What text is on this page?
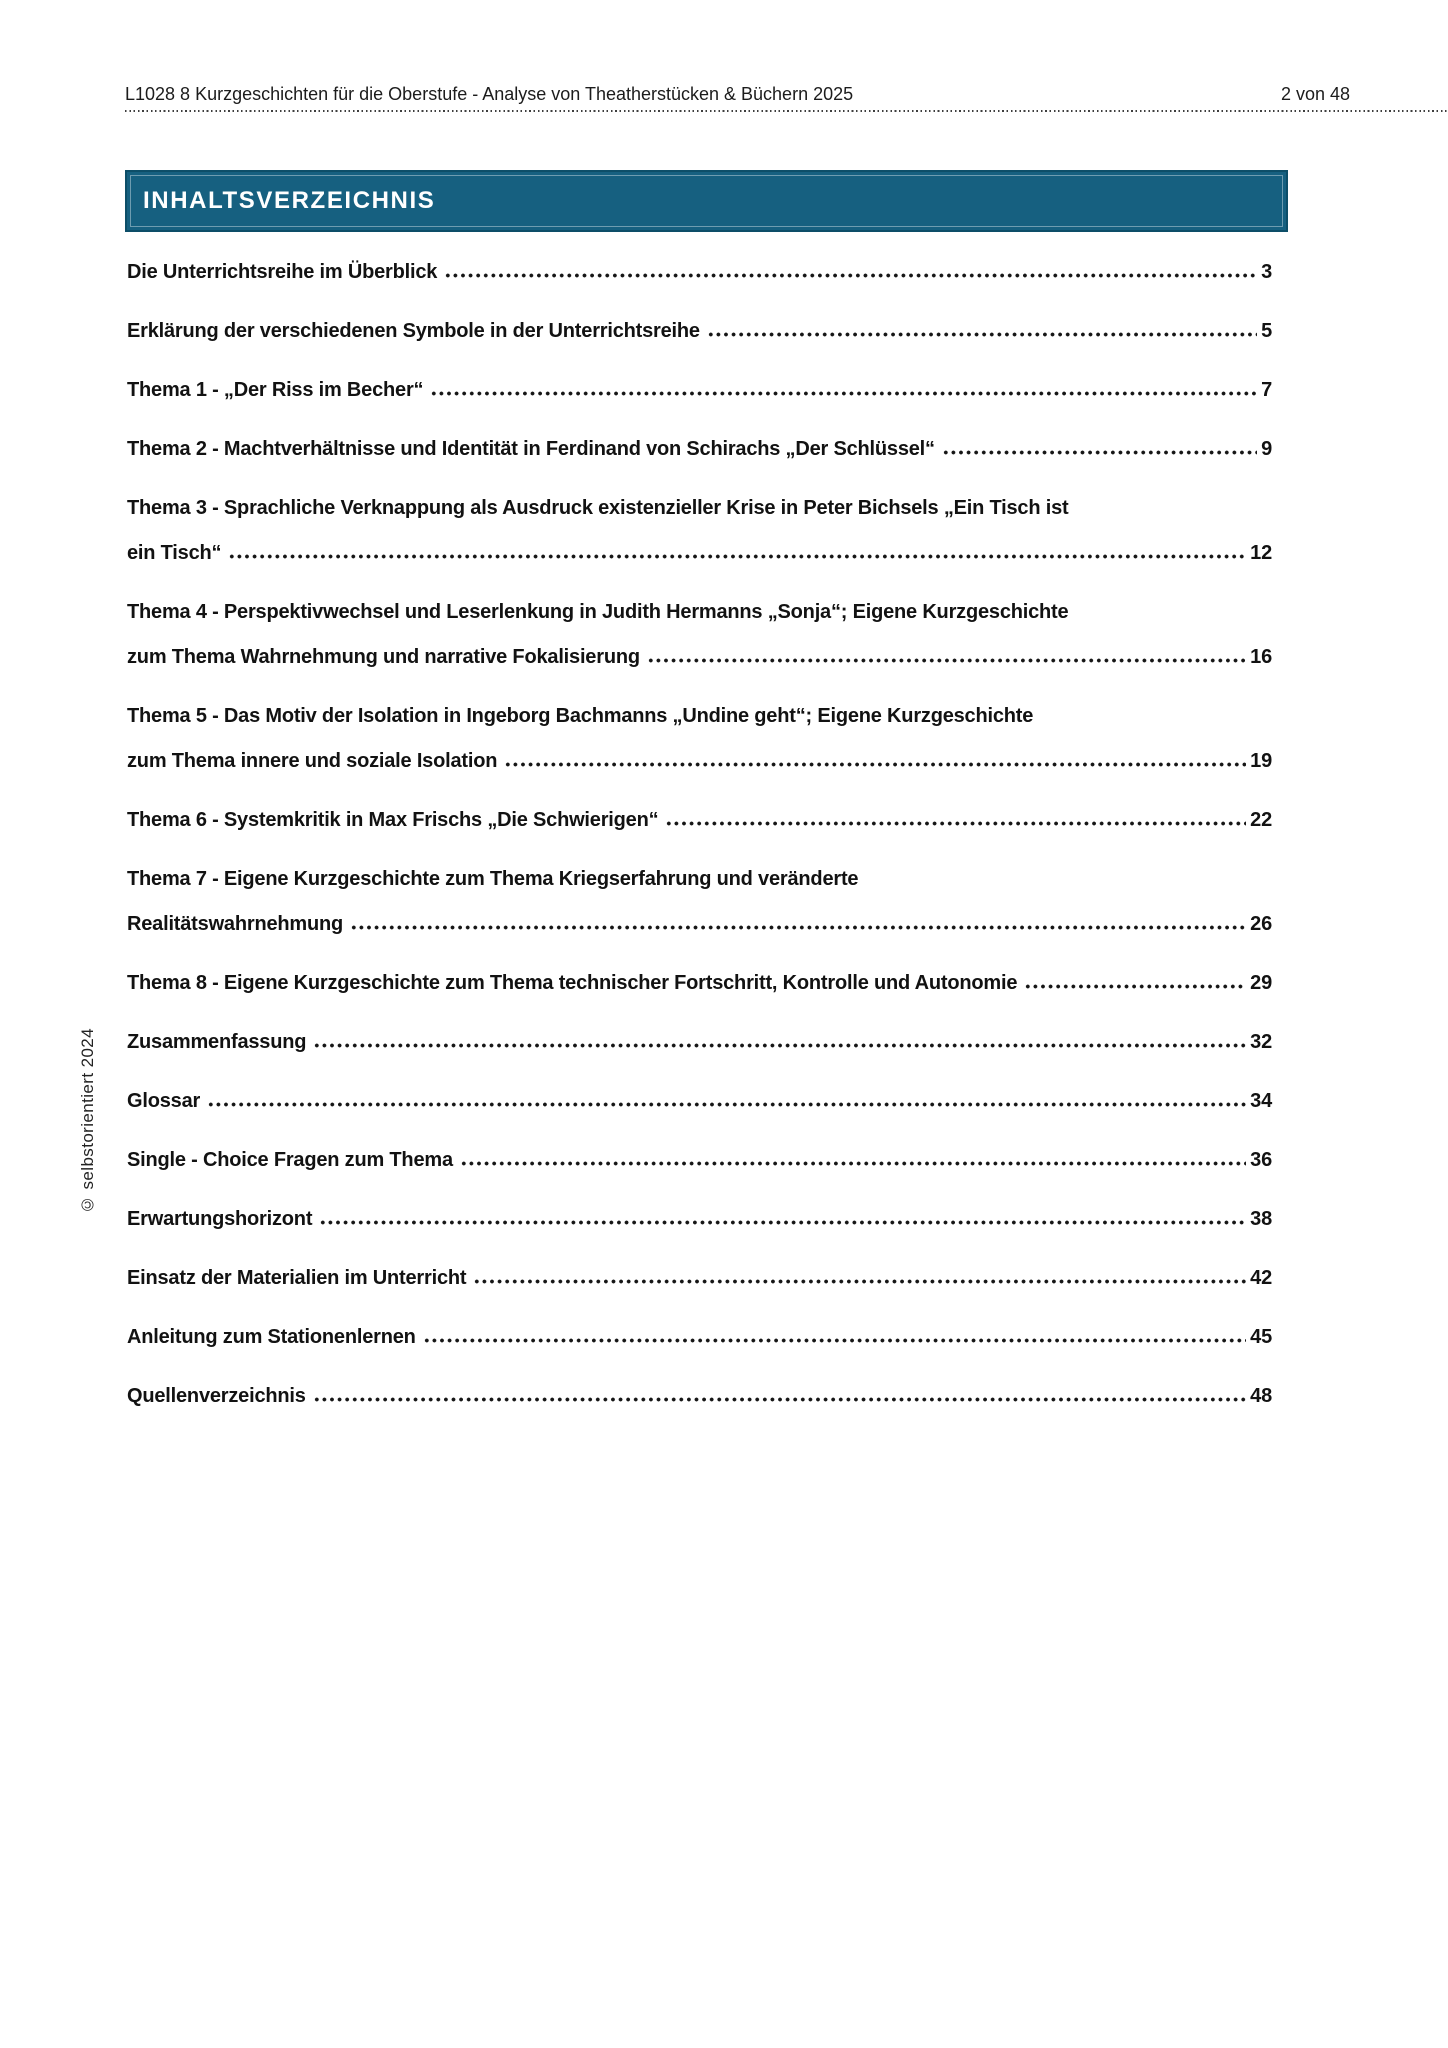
L1028 8 Kurzgeschichten für die Oberstufe - Analyse von Theatherstücken & Büchern 2025	2 von 48
INHALTSVERZEICHNIS
Die Unterrichtsreihe im Überblick	3
Erklärung der verschiedenen Symbole in der Unterrichtsreihe	5
Thema 1 - „Der Riss im Becher“	7
Thema 2 - Machtverhältnisse und Identität in Ferdinand von Schirachs „Der Schlüssel“	9
Thema 3 - Sprachliche Verknappung als Ausdruck existenzieller Krise in Peter Bichsels „Ein Tisch ist
ein Tisch“	12
Thema 4 - Perspektivwechsel und Leserlenkung in Judith Hermanns „Sonja“; Eigene Kurzgeschichte
zum Thema Wahrnehmung und narrative Fokalisierung	16
Thema 5 - Das Motiv der Isolation in Ingeborg Bachmanns „Undine geht“; Eigene Kurzgeschichte
zum Thema innere und soziale Isolation	19
Thema 6 - Systemkritik in Max Frischs „Die Schwierigen“	22
Thema 7 - Eigene Kurzgeschichte zum Thema Kriegserfahrung und veränderte
Realitätswahrnehmung	26
Thema 8 - Eigene Kurzgeschichte zum Thema technischer Fortschritt, Kontrolle und Autonomie	29
Zusammenfassung	32
Glossar	34
Single - Choice Fragen zum Thema	36
Erwartungshorizont	38
Einsatz der Materialien im Unterricht	42
Anleitung zum Stationenlernen	45
Quellenverzeichnis	48
© selbstorientiert 2024
